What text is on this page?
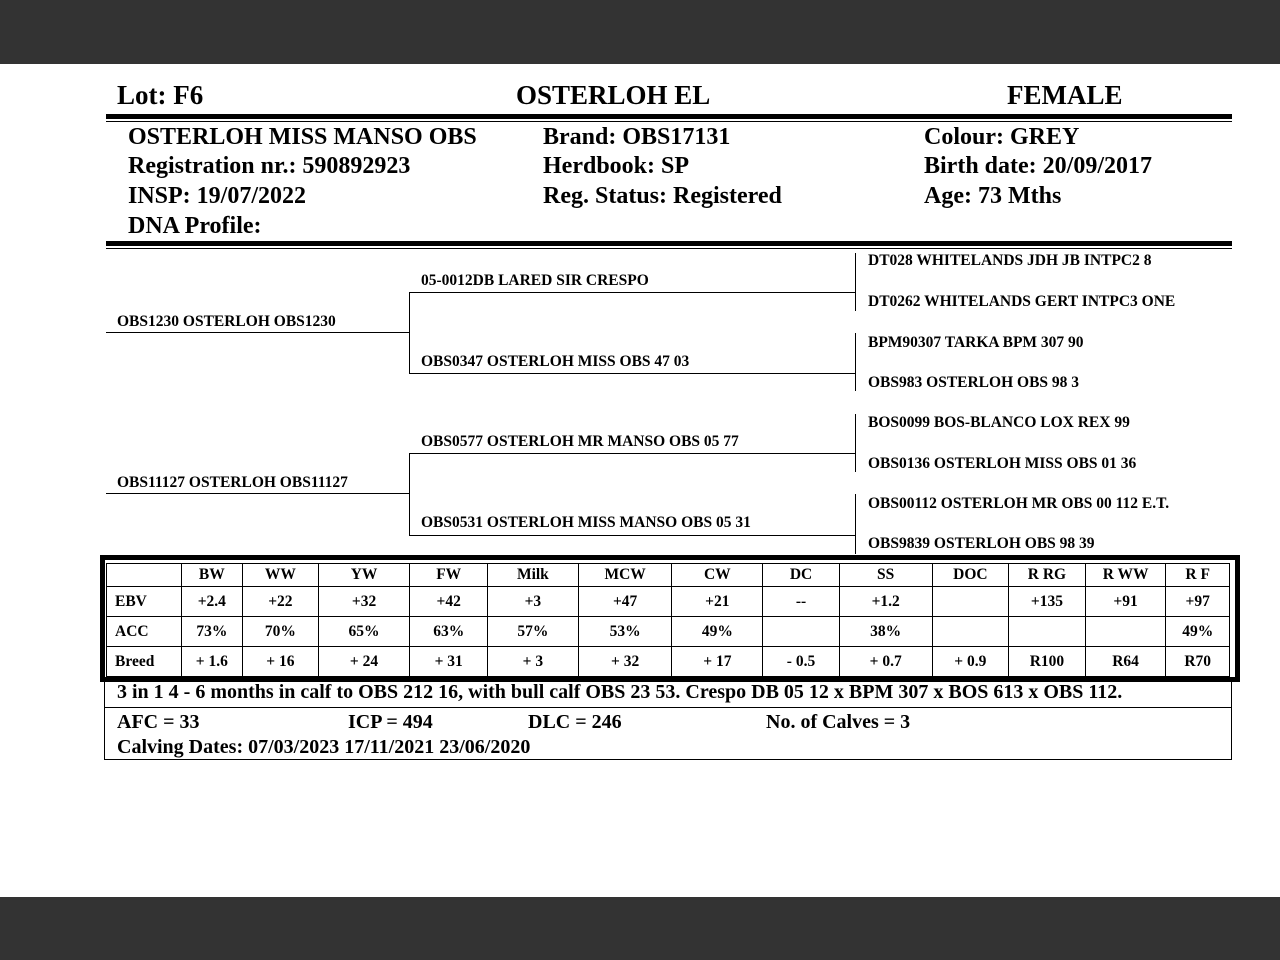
Lot: F6	OSTERLOH EL	FEMALE
OSTERLOH MISS MANSO OBS
Registration nr.: 590892923
INSP: 19/07/2022
DNA Profile:
Brand: OBS17131
Herdbook: SP
Reg. Status: Registered
Colour: GREY
Birth date: 20/09/2017
Age: 73 Mths
OBS1230 OSTERLOH OBS1230
OBS11127 OSTERLOH OBS11127
05-0012DB LARED SIR CRESPO
OBS0347 OSTERLOH MISS OBS 47 03
OBS0577 OSTERLOH MR MANSO OBS 05 77
OBS0531 OSTERLOH MISS MANSO OBS 05 31
DT028 WHITELANDS JDH JB INTPC2 8
DT0262 WHITELANDS GERT INTPC3 ONE
BPM90307 TARKA BPM 307 90
OBS983 OSTERLOH OBS 98 3
BOS0099 BOS-BLANCO LOX REX 99
OBS0136 OSTERLOH MISS OBS 01 36
OBS00112 OSTERLOH MR OBS 00 112 E.T.
OBS9839 OSTERLOH OBS 98 39
	BW	WW	YW	FW	Milk	MCW	CW	DC	SS	DOC	R RG	R WW	R F
EBV	+2.4	+22	+32	+42	+3	+47	+21	--	+1.2		+135	+91	+97
ACC	73%	70%	65%	63%	57%	53%	49%		38%				49%
Breed	+ 1.6	+ 16	+ 24	+ 31	+ 3	+ 32	+ 17	- 0.5	+ 0.7	+ 0.9	R100	R64	R70
3 in 1 4 - 6 months in calf to OBS 212 16, with bull calf OBS 23 53. Crespo DB 05 12 x BPM 307 x BOS 613 x OBS 112.
AFC = 33	ICP = 494	DLC = 246	No. of Calves = 3
Calving Dates: 07/03/2023 17/11/2021 23/06/2020
